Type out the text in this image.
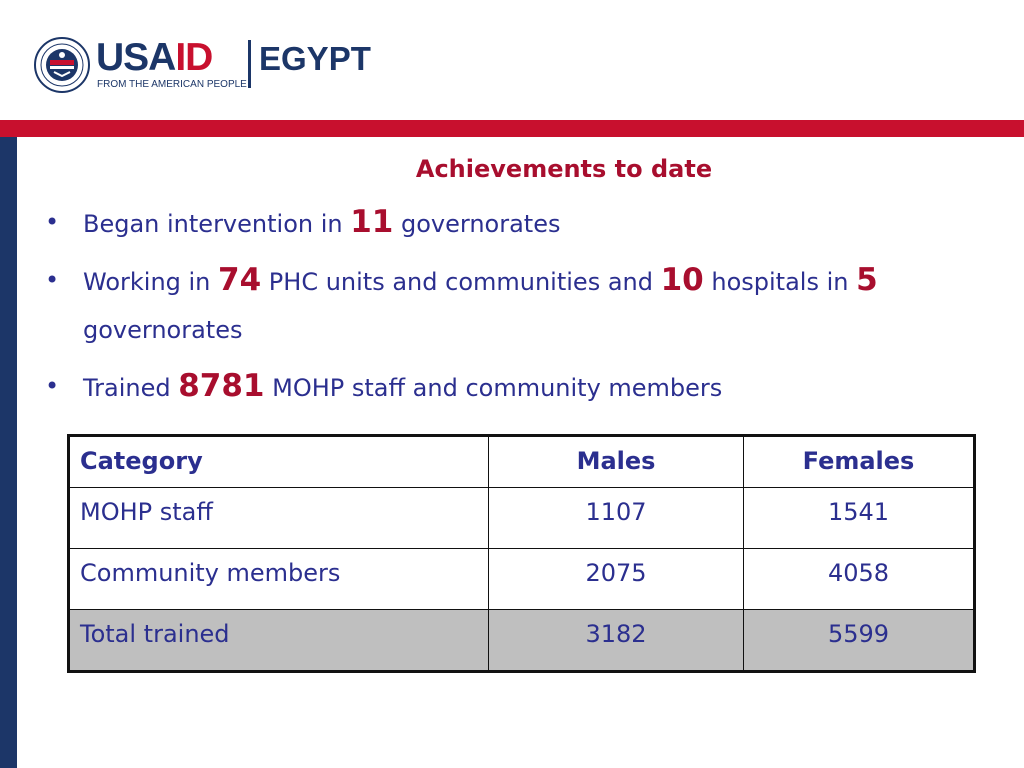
USAID
FROM THE AMERICAN PEOPLE
EGYPT
Achievements to date
• Began intervention in 11 governorates
• Working in 74 PHC units and communities and 10 hospitals in 5 governorates
• Trained 8781 MOHP staff and community members
Category	Males	Females
MOHP staff	1107	1541
Community members	2075	4058
Total trained	3182	5599
